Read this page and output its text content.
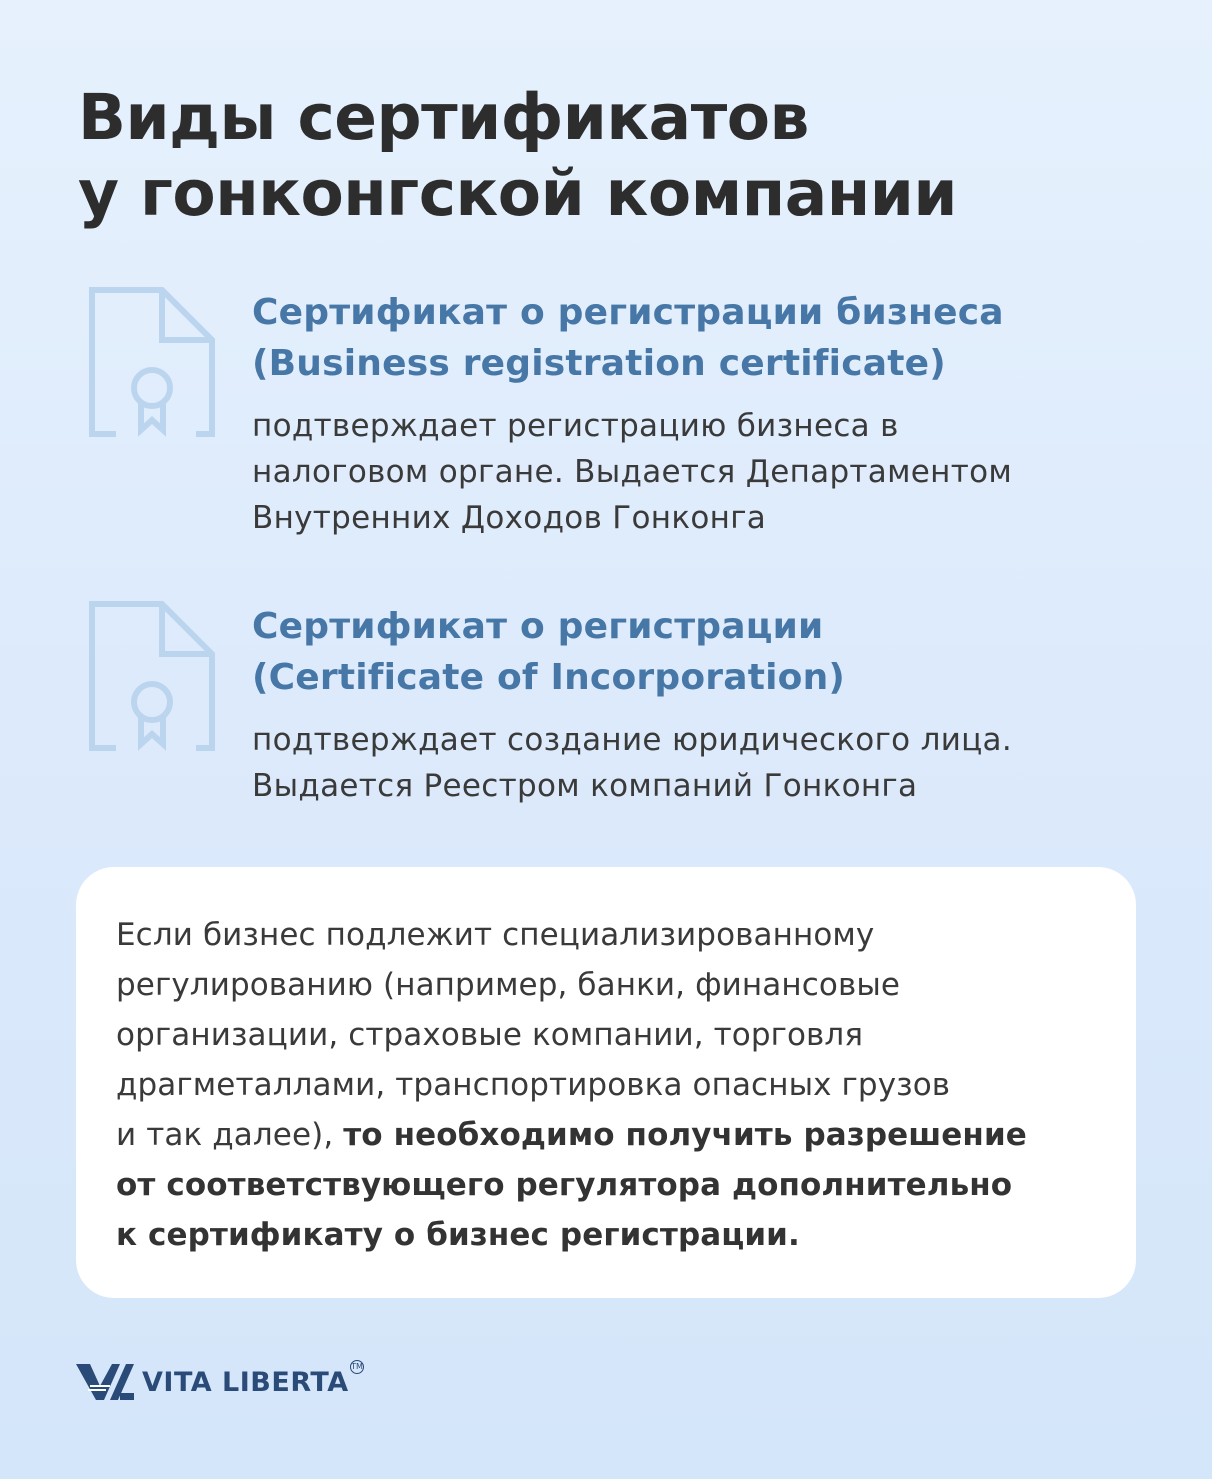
Виды сертификатов
у гонконгской компании
Сертификат о регистрации бизнеса
(Business registration certificate)

подтверждает регистрацию бизнеса в
налоговом органе. Выдается Департаментом
Внутренних Доходов Гонконга

Сертификат о регистрации
(Certificate of Incorporation)

подтверждает создание юридического лица.
Выдается Реестром компаний Гонконга

Если бизнес подлежит специализированному
регулированию (например, банки, финансовые
организации, страховые компании, торговля
драгметаллами, транспортировка опасных грузов
и так далее), то необходимо получить разрешение
от соответствующего регулятора дополнительно
к сертификату о бизнес регистрации.
VITA LIBERTA
TM
